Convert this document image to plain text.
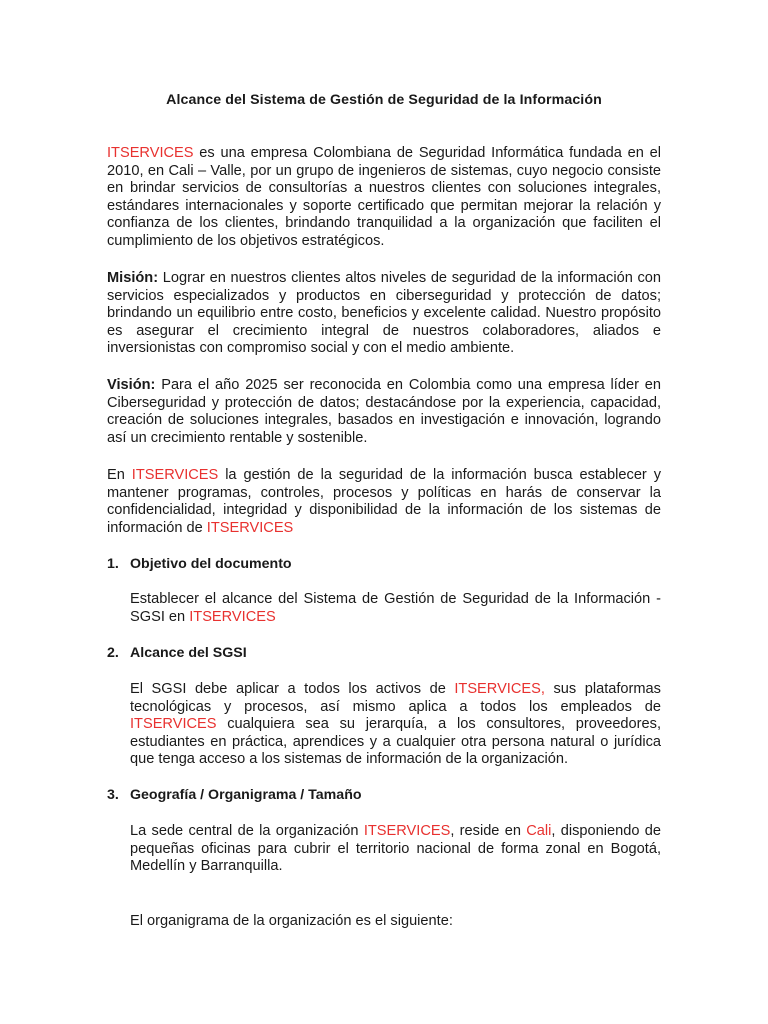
Alcance del Sistema de Gestión de Seguridad de la Información

ITSERVICES es una empresa Colombiana de Seguridad Informática fundada en el 2010, en Cali – Valle, por un grupo de ingenieros de sistemas, cuyo negocio consiste en brindar servicios de consultorías a nuestros clientes con soluciones integrales, estándares internacionales y soporte certificado que permitan mejorar la relación y confianza de los clientes, brindando tranquilidad a la organización que faciliten el cumplimiento de los objetivos estratégicos.

Misión: Lograr en nuestros clientes altos niveles de seguridad de la información con servicios especializados y productos en ciberseguridad y protección de datos; brindando un equilibrio entre costo, beneficios y excelente calidad. Nuestro propósito es asegurar el crecimiento integral de nuestros colaboradores, aliados e inversionistas con compromiso social y con el medio ambiente.

Visión: Para el año 2025 ser reconocida en Colombia como una empresa líder en Ciberseguridad y protección de datos; destacándose por la experiencia, capacidad, creación de soluciones integrales, basados en investigación e innovación, logrando así un crecimiento rentable y sostenible.

En ITSERVICES la gestión de la seguridad de la información busca establecer y mantener programas, controles, procesos y políticas en harás de conservar la confidencialidad, integridad y disponibilidad de la información de los sistemas de información de ITSERVICES

1. Objetivo del documento

Establecer el alcance del Sistema de Gestión de Seguridad de la Información - SGSI en ITSERVICES

2. Alcance del SGSI

El SGSI debe aplicar a todos los activos de ITSERVICES, sus plataformas tecnológicas y procesos, así mismo aplica a todos los empleados de ITSERVICES cualquiera sea su jerarquía, a los consultores, proveedores, estudiantes en práctica, aprendices y a cualquier otra persona natural o jurídica que tenga acceso a los sistemas de información de la organización.

3. Geografía / Organigrama / Tamaño

La sede central de la organización ITSERVICES, reside en Cali, disponiendo de pequeñas oficinas para cubrir el territorio nacional de forma zonal en Bogotá, Medellín y Barranquilla.

El organigrama de la organización es el siguiente:
